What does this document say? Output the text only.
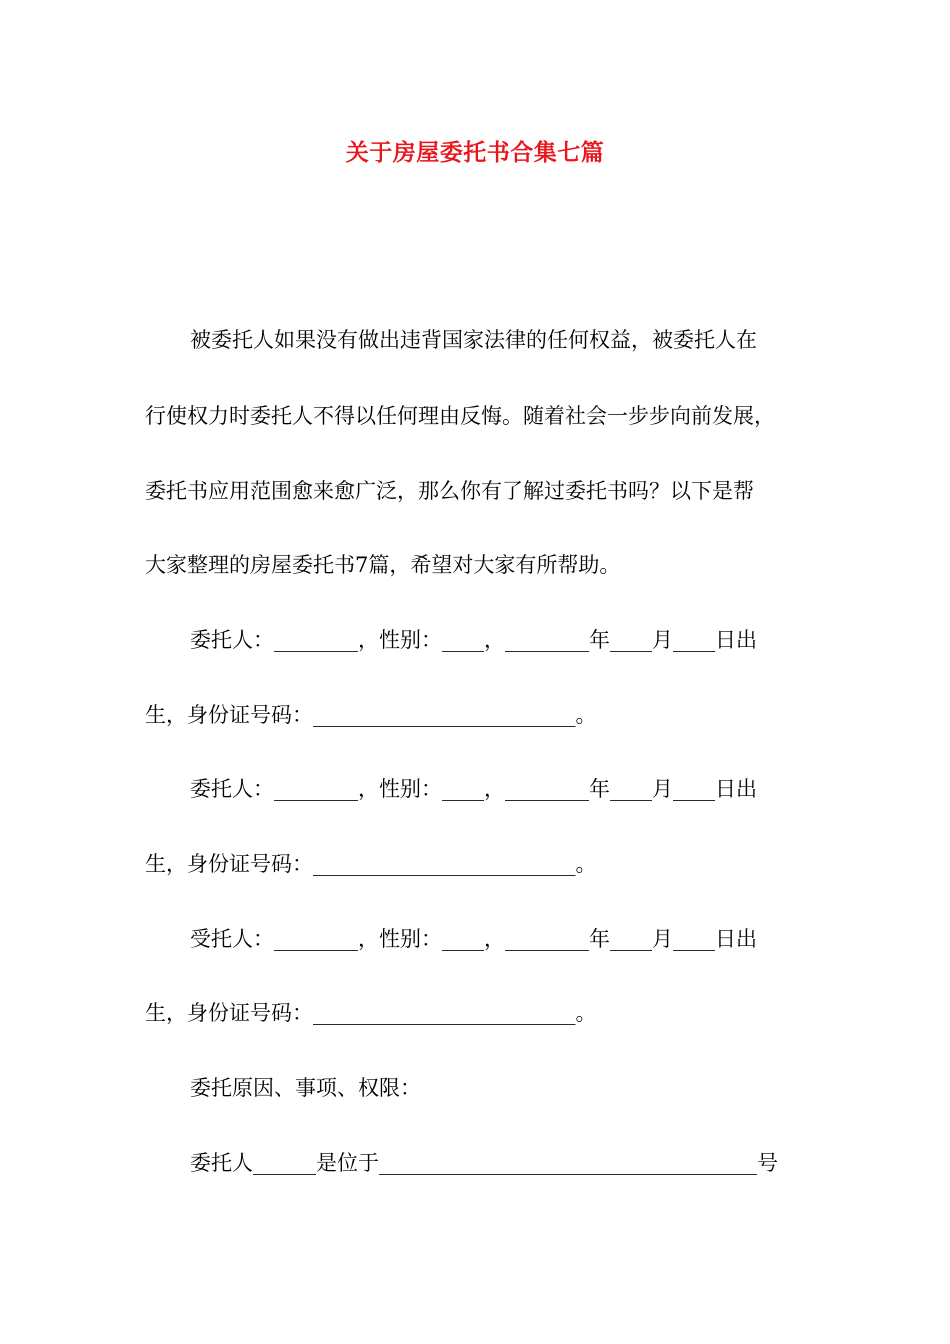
关于房屋委托书合集七篇
被委托人如果没有做出违背国家法律的任何权益，被委托人在
行使权力时委托人不得以任何理由反悔。随着社会一步步向前发展，
委托书应用范围愈来愈广泛，那么你有了解过委托书吗？以下是帮
大家整理的房屋委托书7篇，希望对大家有所帮助。
委托人：________，性别：____，________年____月____日出
生，身份证号码：_________________________。
委托人：________，性别：____，________年____月____日出
生，身份证号码：_________________________。
受托人：________，性别：____，________年____月____日出
生，身份证号码：_________________________。
委托原因、事项、权限：
委托人______是位于____________________________________号
